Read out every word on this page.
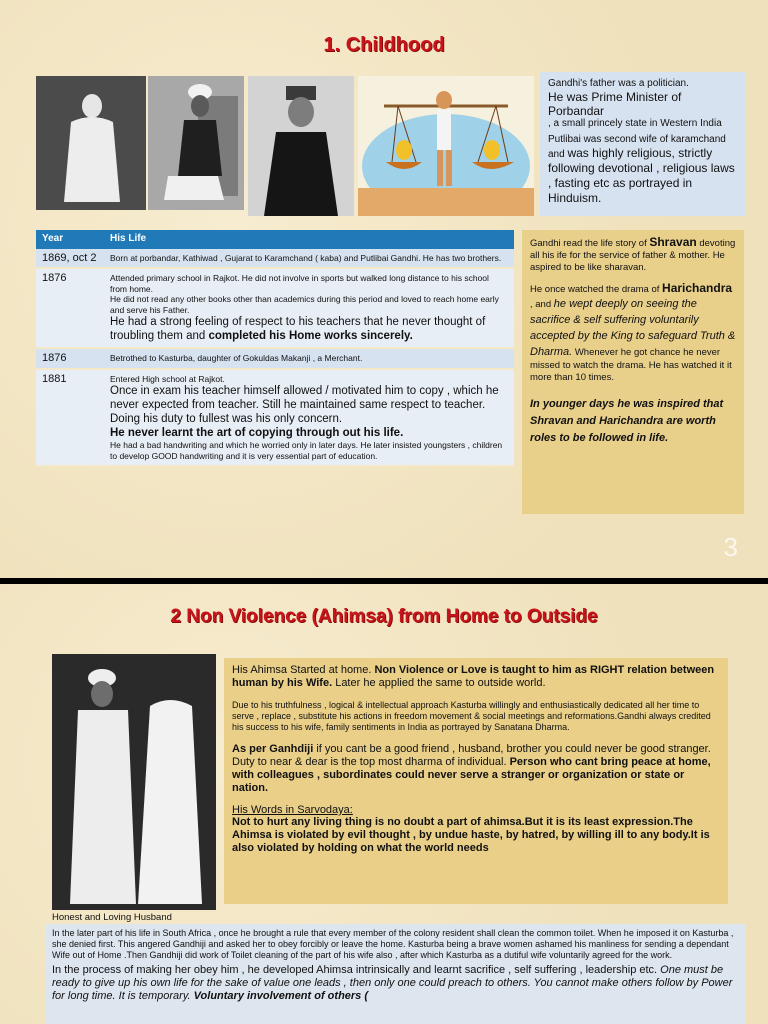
1. Childhood
Gandhi's father was a politician.
He was Prime Minister of Porbandar
, a small princely state in Western India
Putlibai was second wife of karamchand and was highly religious, strictly following devotional , religious laws , fasting etc as portrayed in Hinduism.
Year	His Life
1869, oct 2	Born at porbandar, Kathiwad , Gujarat to Karamchand ( kaba) and Putlibai Gandhi. He has two brothers.
1876	Attended primary school in Rajkot. He did not involve in sports but walked long distance to his school from home.
He did not read any other books other than academics during this period and loved to reach home early and serve his Father.
He had a strong feeling of respect to his teachers that he never thought of troubling them and completed his Home works sincerely.

1876	Betrothed to Kasturba, daughter of Gokuldas Makanji , a Merchant.
1881	Entered High school at Rajkot.
Once in exam his teacher himself allowed / motivated him to copy , which he never expected from teacher. Still he maintained same respect to teacher. Doing his duty to fullest was his only concern.
He never learnt the art of copying through out his life.
He had a bad handwriting and which he worried only in later days. He later insisted youngsters , children to develop GOOD handwriting and it is very essential part of education.
Gandhi read the life story of Shravan devoting all his ife for the service of father & mother. He aspired to be like sharavan.
He once watched the drama of Harichandra , and he wept deeply on seeing the sacrifice & self suffering voluntarily accepted by the King to safeguard Truth & Dharma. Whenever he got chance he never missed to watch the drama. He has watched it it more than 10 times.
In younger days he was inspired that Shravan and Harichandra are worth roles to be followed in life.
3
2 Non Violence (Ahimsa) from Home to Outside
Honest and Loving Husband
His Ahimsa Started at home. Non Violence or Love is taught to him as RIGHT relation between human by his Wife. Later he applied the same to outside world.
Due to his truthfulness , logical & intellectual approach Kasturba willingly and enthusiastically dedicated all her time to serve , replace , substitute his actions in freedom movement & social meetings and reformations.Gandhi always credited his success to his wife, family sentiments in India as portrayed by Sanatana Dharma.
As per Ganhdiji if you cant be a good friend , husband, brother you could never be good stranger. Duty to near & dear is the top most dharma of individual. Person who cant bring peace at home, with colleagues , subordinates could never serve a stranger or organization or state or nation.
His Words in Sarvodaya:
Not to hurt any living thing is no doubt a part of ahimsa.But it is its least expression.The Ahimsa is violated by evil thought , by undue haste, by hatred, by willing ill to any body.It is also violated by holding on what the world needs
In the later part of his life in South Africa , once he brought a rule that every member of the colony resident shall clean the common toilet. When he imposed it on Kasturba , she denied first. This angered Gandhiji and asked her to obey forcibly or leave the home. Kasturba being a brave women ashamed his manliness for sending a dependant Wife out of Home .Then Gandhiji did work of Toilet cleaning of the part of his wife also , after which Kasturba as a dutiful wife voluntarily agreed for the work.
In the process of making her obey him , he developed Ahimsa intrinsically and learnt sacrifice , self suffering , leadership etc. One must be ready to give up his own life for the sake of value one leads , then only one could preach to others. You cannot make others follow by Power for long time. It is temporary. Voluntary involvement of others (
